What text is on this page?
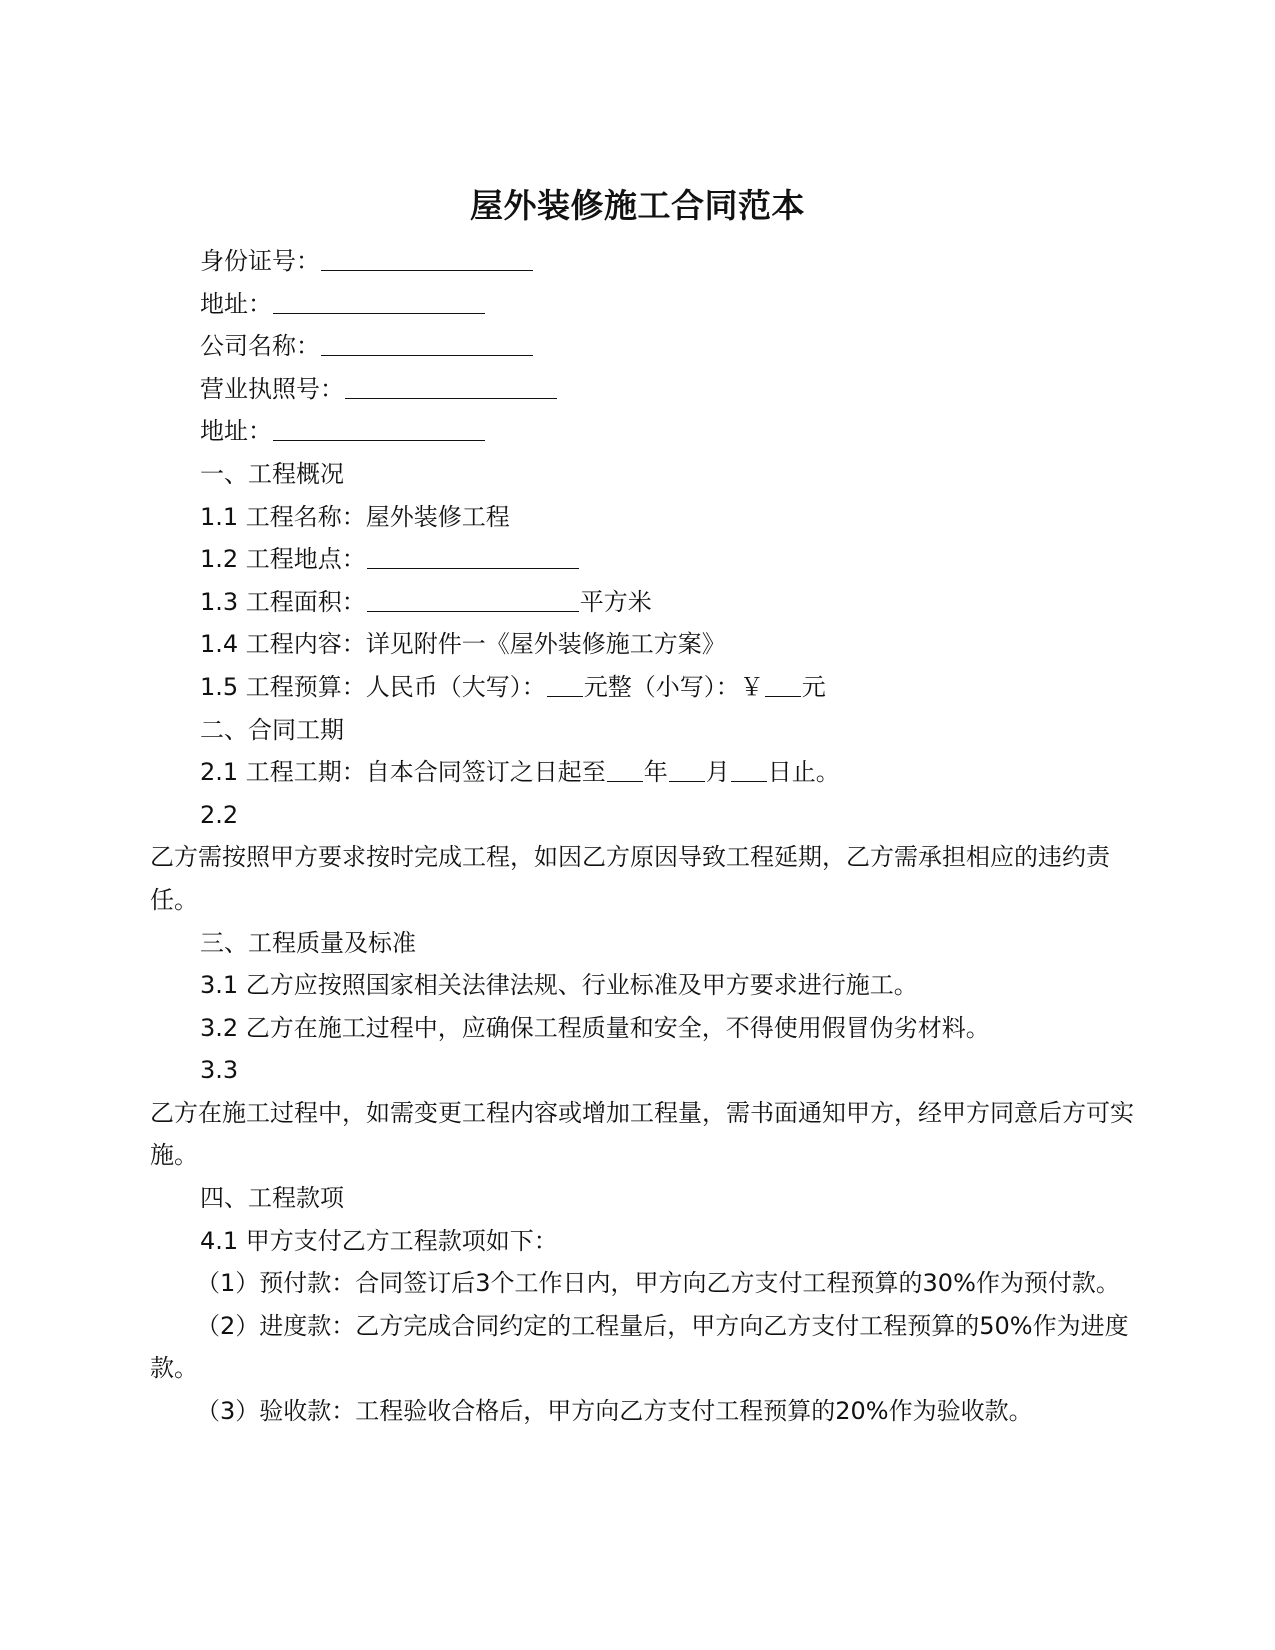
屋外装修施工合同范本
身份证号：
地址：
公司名称：
营业执照号：
地址：
一、工程概况
1.1 工程名称：屋外装修工程
1.2 工程地点：
1.3 工程面积：	平方米
1.4 工程内容：详见附件一《屋外装修施工方案》
1.5 工程预算：人民币（大写）： 元整（小写）：￥ 元
二、合同工期
2.1 工程工期：自本合同签订之日起至 年 月 日止。
2.2
乙方需按照甲方要求按时完成工程，如因乙方原因导致工程延期，乙方需承担相应的违约责任。
三、工程质量及标准
3.1 乙方应按照国家相关法律法规、行业标准及甲方要求进行施工。
3.2 乙方在施工过程中，应确保工程质量和安全，不得使用假冒伪劣材料。
3.3
乙方在施工过程中，如需变更工程内容或增加工程量，需书面通知甲方，经甲方同意后方可实施。
四、工程款项
4.1 甲方支付乙方工程款项如下：
（1）预付款：合同签订后3个工作日内，甲方向乙方支付工程预算的30%作为预付款。
（2）进度款：乙方完成合同约定的工程量后，甲方向乙方支付工程预算的50%作为进度款。
（3）验收款：工程验收合格后，甲方向乙方支付工程预算的20%作为验收款。
